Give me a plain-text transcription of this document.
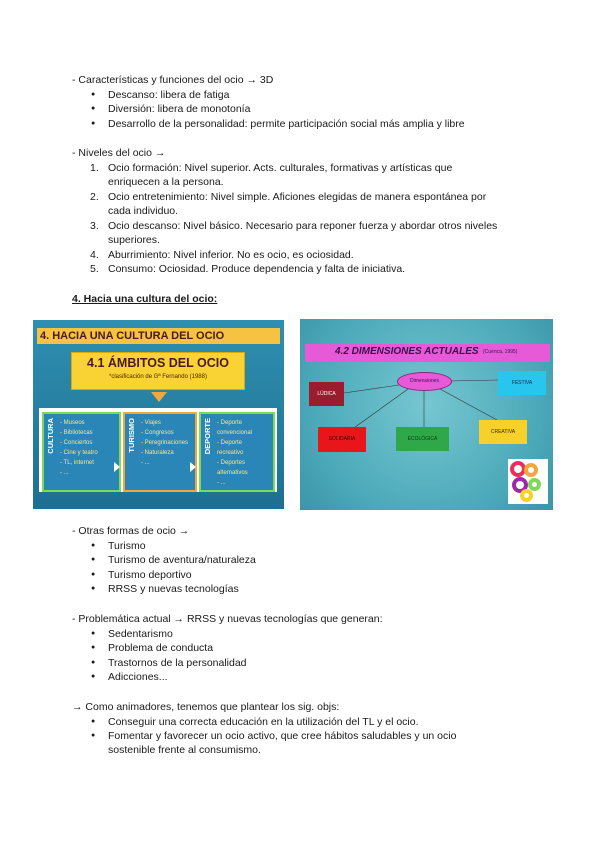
- Características y funciones del ocio → 3D
● Descanso: libera de fatiga
● Diversión: libera de monotonía
● Desarrollo de la personalidad: permite participación social más amplia y libre
- Niveles del ocio →
1. Ocio formación: Nivel superior. Acts. culturales, formativas y artísticas que
enriquecen a la persona.
2. Ocio entretenimiento: Nivel simple. Aficiones elegidas de manera espontánea por
cada individuo.
3. Ocio descanso: Nivel básico. Necesario para reponer fuerza y abordar otros niveles
superiores.
4. Aburrimiento: Nivel inferior. No es ocio, es ociosidad.
5. Consumo: Ociosidad. Produce dependencia y falta de iniciativa.
4. Hacia una cultura del ocio:
4. HACIA UNA CULTURA DEL OCIO
4.1 ÁMBITOS DEL OCIO
*clasificación de Gª Fernando (1988)
CULTURA - Museos
- Bibliotecas
- Conciertos
- Cine y teatro
- TL, internet
- ...
TURISMO - Viajes
- Congresos
- Peregrinaciones
- Naturaleza
- ...
DEPORTE - Deporte
convencional
- Deporte
recreativo
- Deportes
alternativos
- ...
4.2 DIMENSIONES ACTUALES (Cuenca, 1995)
Dimensiones
LÚDICA
SOLIDARIA	ECOLÓGICA
CREATIVA
FESTIVA
- Otras formas de ocio →
● Turismo
● Turismo de aventura/naturaleza
● Turismo deportivo
● RRSS y nuevas tecnologías
- Problemática actual → RRSS y nuevas tecnologías que generan:
● Sedentarismo
● Problema de conducta
● Trastornos de la personalidad
● Adicciones...
→ Como animadores, tenemos que plantear los sig. objs:
● Conseguir una correcta educación en la utilización del TL y el ocio.
● Fomentar y favorecer un ocio activo, que cree hábitos saludables y un ocio
sostenible frente al consumismo.
